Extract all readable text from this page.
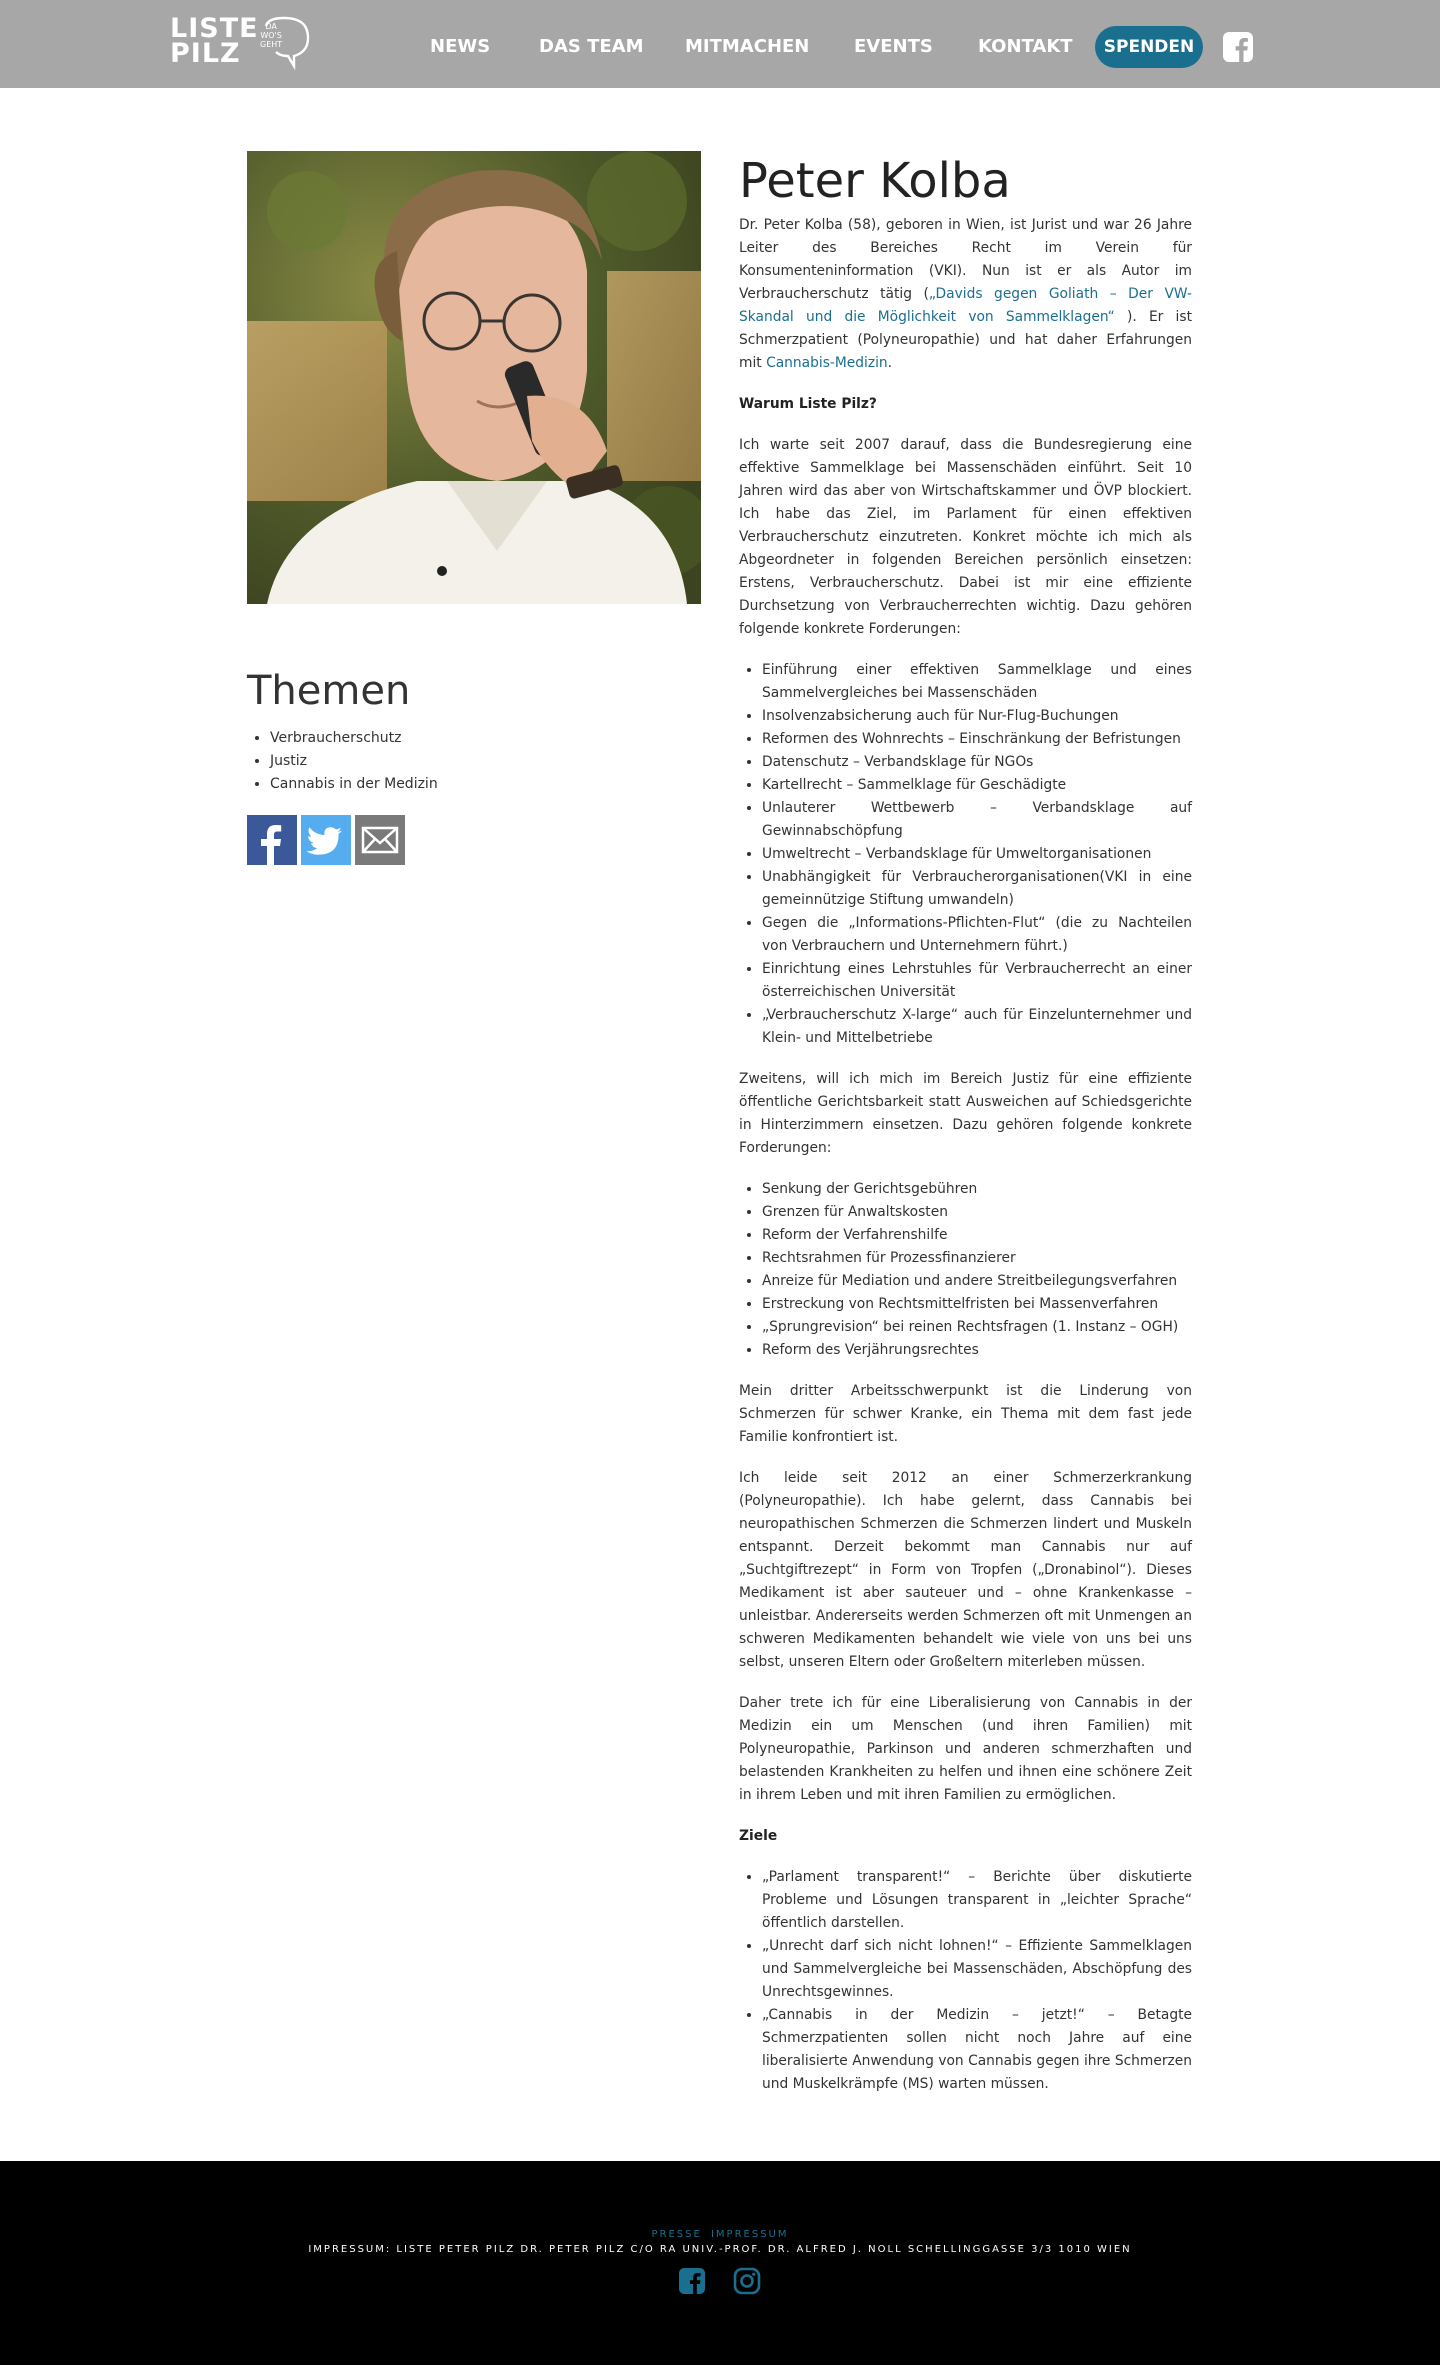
LISTE
PILZ
DA
WO'S
GEHT	NEWS	DAS TEAM MITMACHEN EVENTS	KONTAKT	SPENDEN
Themen
• Verbraucherschutz
• Justiz
• Cannabis in der Medizin
Peter Kolba

Dr. Peter Kolba (58), geboren in Wien, ist Jurist und war 26 Jahre Leiter des Bereiches Recht im Verein für Konsumenteninformation (VKI). Nun ist er als Autor im Verbraucherschutz tätig („Davids gegen Goliath – Der VW-Skandal und die Möglichkeit von Sammelklagen“ ). Er ist Schmerzpatient (Polyneuropathie) und hat daher Erfahrungen mit Cannabis-Medizin.

Warum Liste Pilz?

Ich warte seit 2007 darauf, dass die Bundesregierung eine effektive Sammelklage bei Massenschäden einführt. Seit 10 Jahren wird das aber von Wirtschaftskammer und ÖVP blockiert. Ich habe das Ziel, im Parlament für einen effektiven Verbraucherschutz einzutreten. Konkret möchte ich mich als Abgeordneter in folgenden Bereichen persönlich einsetzen: Erstens, Verbraucherschutz. Dabei ist mir eine effiziente Durchsetzung von Verbraucherrechten wichtig. Dazu gehören folgende konkrete Forderungen:

• Einführung einer effektiven Sammelklage und eines Sammelvergleiches bei Massenschäden
• Insolvenzabsicherung auch für Nur-Flug-Buchungen
• Reformen des Wohnrechts – Einschränkung der Befristungen
• Datenschutz – Verbandsklage für NGOs
• Kartellrecht – Sammelklage für Geschädigte
• Unlauterer Wettbewerb – Verbandsklage auf Gewinnabschöpfung
• Umweltrecht – Verbandsklage für Umweltorganisationen
• Unabhängigkeit für Verbraucherorganisationen(VKI in eine gemeinnützige Stiftung umwandeln)
• Gegen die „Informations-Pflichten-Flut“ (die zu Nachteilen von Verbrauchern und Unternehmern führt.)
• Einrichtung eines Lehrstuhles für Verbraucherrecht an einer österreichischen Universität
• „Verbraucherschutz X-large“ auch für Einzelunternehmer und Klein- und Mittelbetriebe

Zweitens, will ich mich im Bereich Justiz für eine effiziente öffentliche Gerichtsbarkeit statt Ausweichen auf Schiedsgerichte in Hinterzimmern einsetzen. Dazu gehören folgende konkrete Forderungen:

• Senkung der Gerichtsgebühren
• Grenzen für Anwaltskosten
• Reform der Verfahrenshilfe
• Rechtsrahmen für Prozessfinanzierer
• Anreize für Mediation und andere Streitbeilegungsverfahren
• Erstreckung von Rechtsmittelfristen bei Massenverfahren
• „Sprungrevision“ bei reinen Rechtsfragen (1. Instanz – OGH)
• Reform des Verjährungsrechtes

Mein dritter Arbeitsschwerpunkt ist die Linderung von Schmerzen für schwer Kranke, ein Thema mit dem fast jede Familie konfrontiert ist.

Ich leide seit 2012 an einer Schmerzerkrankung (Polyneuropathie). Ich habe gelernt, dass Cannabis bei neuropathischen Schmerzen die Schmerzen lindert und Muskeln entspannt. Derzeit bekommt man Cannabis nur auf „Suchtgiftrezept“ in Form von Tropfen („Dronabinol“). Dieses Medikament ist aber sauteuer und – ohne Krankenkasse – unleistbar. Andererseits werden Schmerzen oft mit Unmengen an schweren Medikamenten behandelt wie viele von uns bei uns selbst, unseren Eltern oder Großeltern miterleben müssen.

Daher trete ich für eine Liberalisierung von Cannabis in der Medizin ein um Menschen (und ihren Familien) mit Polyneuropathie, Parkinson und anderen schmerzhaften und belastenden Krankheiten zu helfen und ihnen eine schönere Zeit in ihrem Leben und mit ihren Familien zu ermöglichen.

Ziele

• „Parlament transparent!“ – Berichte über diskutierte Probleme und Lösungen transparent in „leichter Sprache“ öffentlich darstellen.
• „Unrecht darf sich nicht lohnen!“ – Effiziente Sammelklagen und Sammelvergleiche bei Massenschäden, Abschöpfung des Unrechtsgewinnes.
• „Cannabis in der Medizin – jetzt!“ – Betagte Schmerzpatienten sollen nicht noch Jahre auf eine liberalisierte Anwendung von Cannabis gegen ihre Schmerzen und Muskelkrämpfe (MS) warten müssen.
PRESSE IMPRESSUM
IMPRESSUM: LISTE PETER PILZ DR. PETER PILZ C/O RA UNIV.-PROF. DR. ALFRED J. NOLL SCHELLINGGASSE 3/3 1010 WIEN
